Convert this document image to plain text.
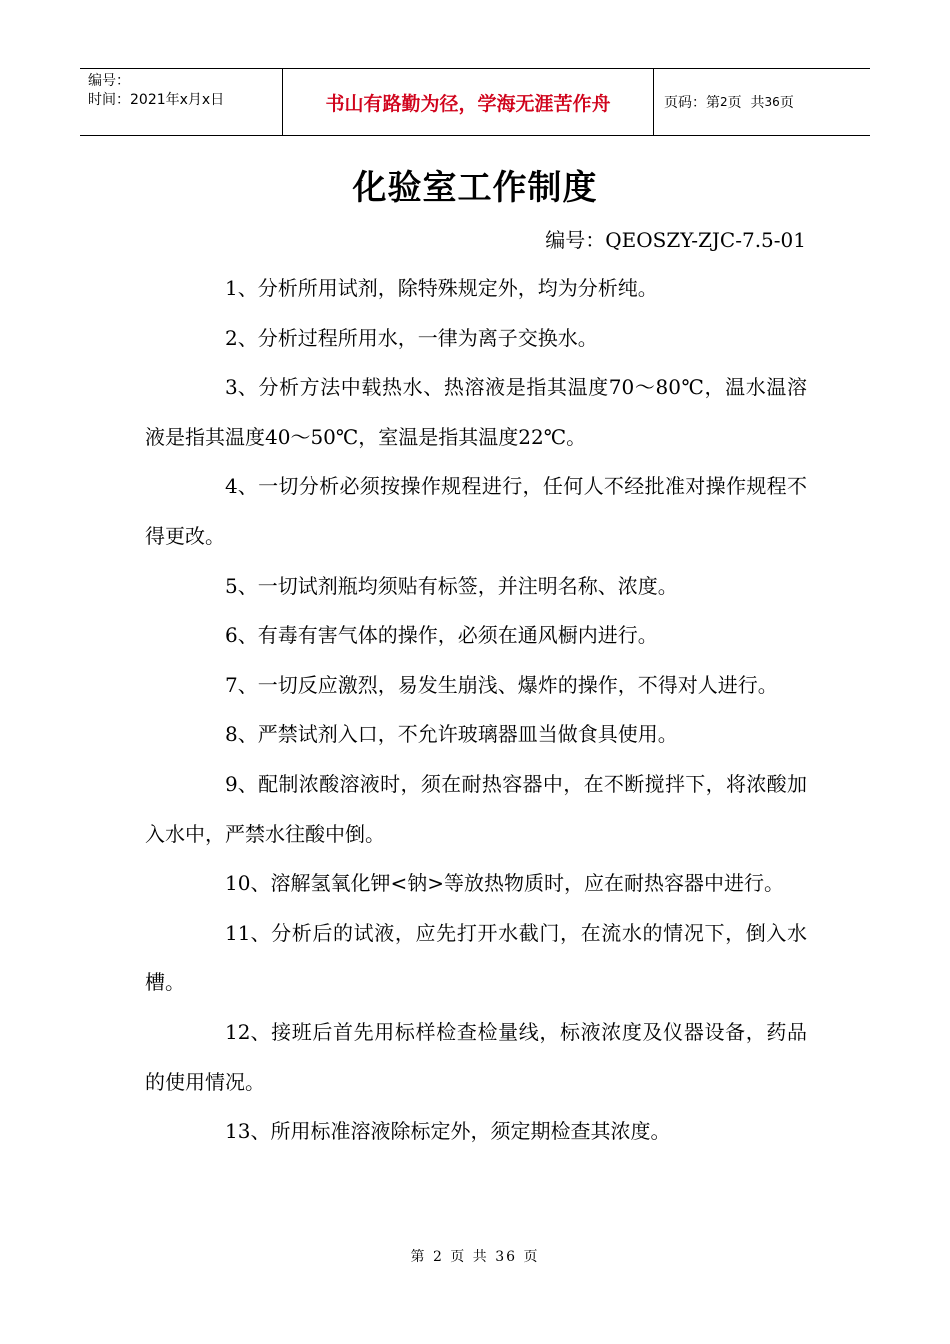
编号：
时间：2021年x月x日	书山有路勤为径，学海无涯苦作舟	页码：第 2 页  共 36 页
化验室工作制度
编号：QEOSZY-ZJC-7.5-01

1、分析所用试剂，除特殊规定外，均为分析纯。

2、分析过程所用水，一律为离子交换水。

3、分析方法中载热水、热溶液是指其温度70～80℃，温水温溶液是指其温度40～50℃，室温是指其温度22℃。

4、一切分析必须按操作规程进行，任何人不经批准对操作规程不得更改。

5、一切试剂瓶均须贴有标签，并注明名称、浓度。

6、有毒有害气体的操作，必须在通风橱内进行。

7、一切反应激烈，易发生崩浅、爆炸的操作，不得对人进行。

8、严禁试剂入口，不允许玻璃器皿当做食具使用。

9、配制浓酸溶液时，须在耐热容器中，在不断搅拌下，将浓酸加入水中，严禁水往酸中倒。

10、溶解氢氧化钾<钠>等放热物质时，应在耐热容器中进行。

11、分析后的试液，应先打开水截门，在流水的情况下，倒入水槽。

12、接班后首先用标样检查检量线，标液浓度及仪器设备，药品的使用情况。

13、所用标准溶液除标定外，须定期检查其浓度。

第 2 页 共 36 页
